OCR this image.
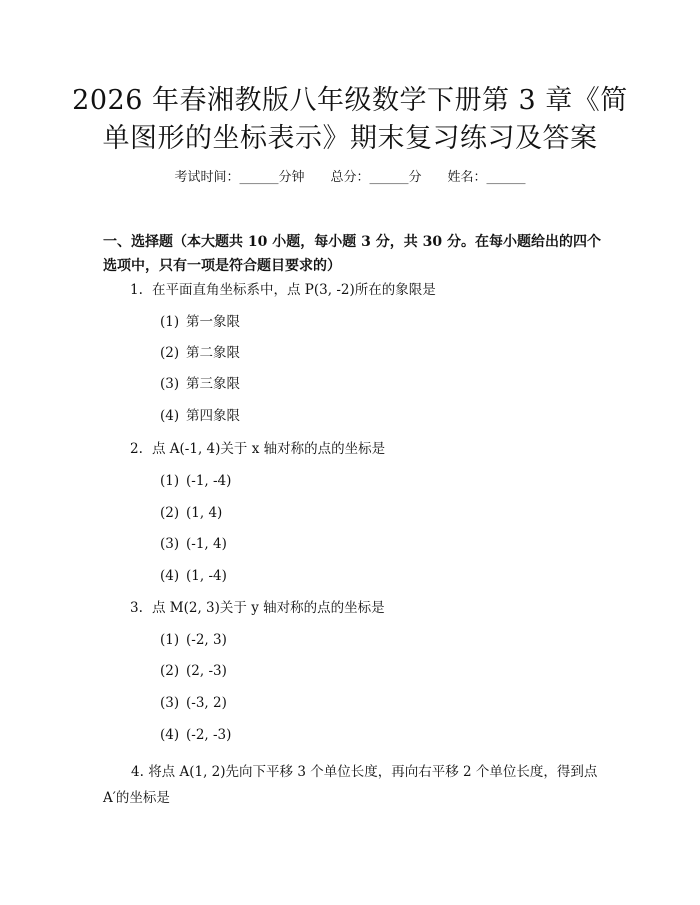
2026 年春湘教版八年级数学下册第 3 章《简
单图形的坐标表示》期末复习练习及答案
考试时间：______分钟 总分：______分 姓名：______
一、选择题（本大题共 10 小题，每小题 3 分，共 30 分。在每小题给出的四个选项中，只有一项是符合题目要求的）
1. 在平面直角坐标系中，点 P(3, -2)所在的象限是
(1) 第一象限
(2) 第二象限
(3) 第三象限
(4) 第四象限
2. 点 A(-1, 4)关于 x 轴对称的点的坐标是
(1) (-1, -4)
(2) (1, 4)
(3) (-1, 4)
(4) (1, -4)
3. 点 M(2, 3)关于 y 轴对称的点的坐标是
(1) (-2, 3)
(2) (2, -3)
(3) (-3, 2)
(4) (-2, -3)
4. 将点 A(1, 2)先向下平移 3 个单位长度，再向右平移 2 个单位长度，得到点 A′的坐标是
